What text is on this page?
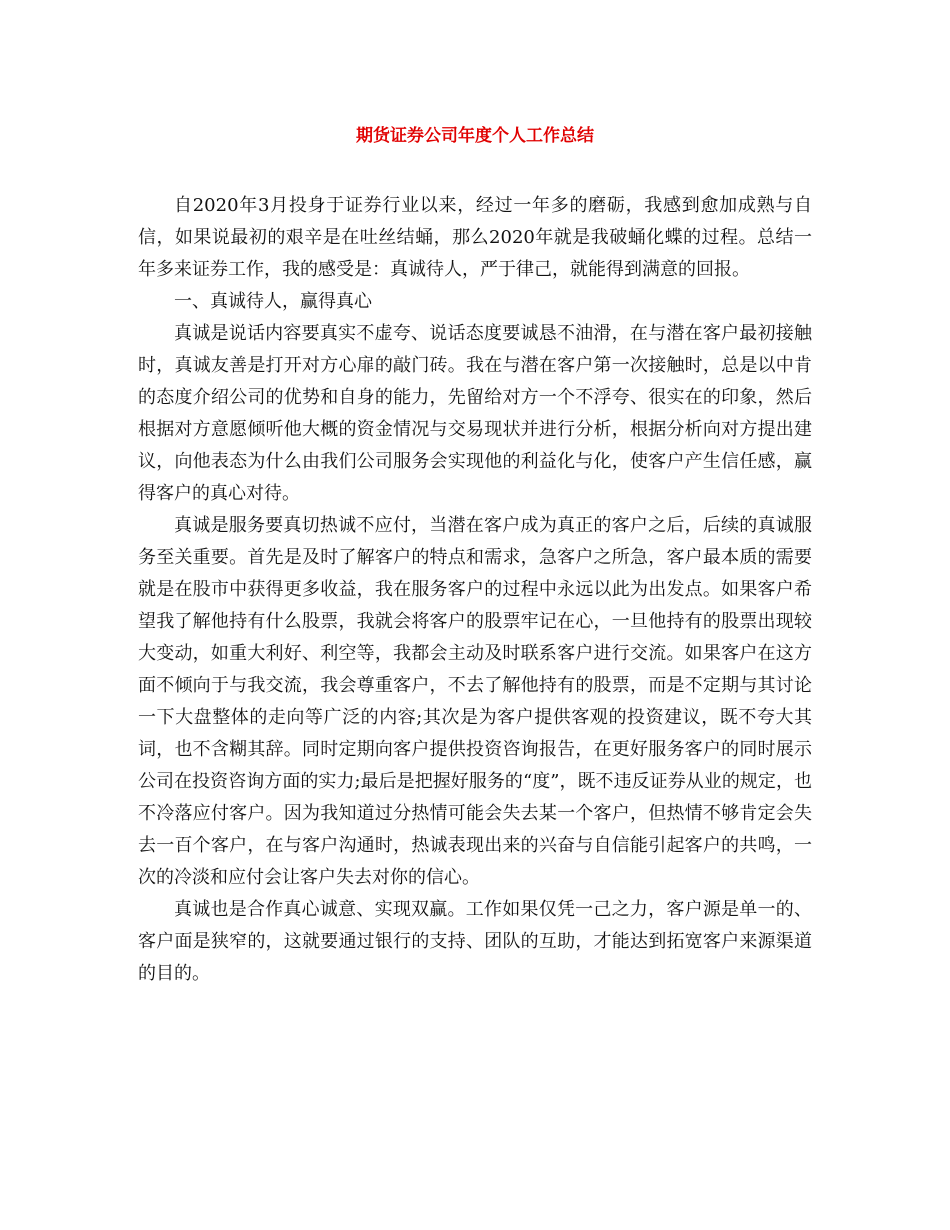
期货证券公司年度个人工作总结

自2020年3月投身于证券行业以来，经过一年多的磨砺，我感到愈加成熟与自信，如果说最初的艰辛是在吐丝结蛹，那么2020年就是我破蛹化蝶的过程。总结一年多来证券工作，我的感受是：真诚待人，严于律己，就能得到满意的回报。

一、真诚待人，赢得真心

真诚是说话内容要真实不虚夸、说话态度要诚恳不油滑，在与潜在客户最初接触时，真诚友善是打开对方心扉的敲门砖。我在与潜在客户第一次接触时，总是以中肯的态度介绍公司的优势和自身的能力，先留给对方一个不浮夸、很实在的印象，然后根据对方意愿倾听他大概的资金情况与交易现状并进行分析，根据分析向对方提出建议，向他表态为什么由我们公司服务会实现他的利益化与化，使客户产生信任感，赢得客户的真心对待。

真诚是服务要真切热诚不应付，当潜在客户成为真正的客户之后，后续的真诚服务至关重要。首先是及时了解客户的特点和需求，急客户之所急，客户最本质的需要就是在股市中获得更多收益，我在服务客户的过程中永远以此为出发点。如果客户希望我了解他持有什么股票，我就会将客户的股票牢记在心，一旦他持有的股票出现较大变动，如重大利好、利空等，我都会主动及时联系客户进行交流。如果客户在这方面不倾向于与我交流，我会尊重客户，不去了解他持有的股票，而是不定期与其讨论一下大盘整体的走向等广泛的内容;其次是为客户提供客观的投资建议，既不夸大其词，也不含糊其辞。同时定期向客户提供投资咨询报告，在更好服务客户的同时展示公司在投资咨询方面的实力;最后是把握好服务的“度”，既不违反证券从业的规定，也不冷落应付客户。因为我知道过分热情可能会失去某一个客户，但热情不够肯定会失去一百个客户，在与客户沟通时，热诚表现出来的兴奋与自信能引起客户的共鸣，一次的冷淡和应付会让客户失去对你的信心。

真诚也是合作真心诚意、实现双赢。工作如果仅凭一己之力，客户源是单一的、客户面是狭窄的，这就要通过银行的支持、团队的互助，才能达到拓宽客户来源渠道的目的。
